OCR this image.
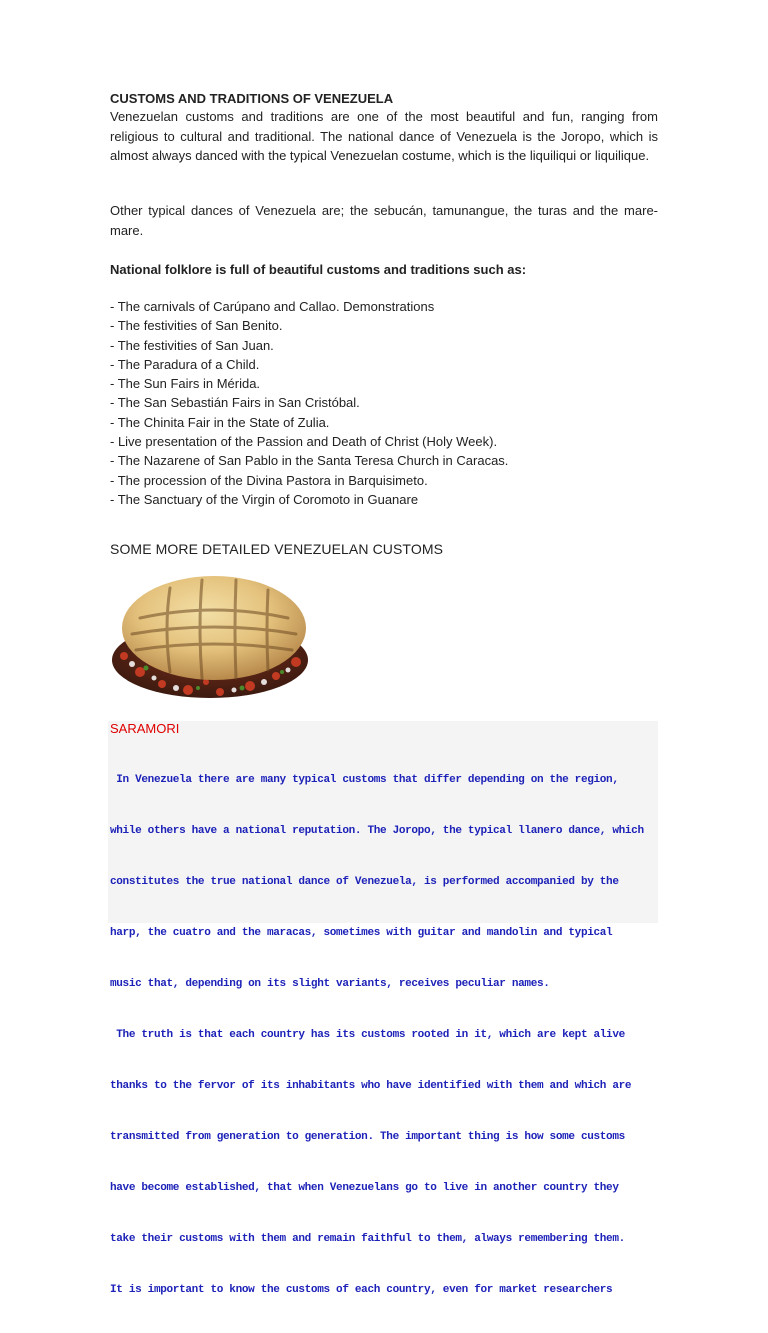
CUSTOMS AND TRADITIONS OF VENEZUELA
Venezuelan customs and traditions are one of the most beautiful and fun, ranging from religious to cultural and traditional. The national dance of Venezuela is the Joropo, which is almost always danced with the typical Venezuelan costume, which is the liquiliqui or liquilique.
Other typical dances of Venezuela are; the sebucán, tamunangue, the turas and the mare-mare.
National folklore is full of beautiful customs and traditions such as:
- The carnivals of Carúpano and Callao. Demonstrations
- The festivities of San Benito.
- The festivities of San Juan.
- The Paradura of a Child.
- The Sun Fairs in Mérida.
- The San Sebastián Fairs in San Cristóbal.
- The Chinita Fair in the State of Zulia.
- Live presentation of the Passion and Death of Christ (Holy Week).
- The Nazarene of San Pablo in the Santa Teresa Church in Caracas.
- The procession of the Divina Pastora in Barquisimeto.
- The Sanctuary of the Virgin of Coromoto in Guanare
SOME MORE DETAILED VENEZUELAN CUSTOMS
SARAMORI

In Venezuela there are many typical customs that differ depending on the region,

while others have a national reputation. The Joropo, the typical llanero dance, which

constitutes the true national dance of Venezuela, is performed accompanied by the

harp, the cuatro and the maracas, sometimes with guitar and mandolin and typical

music that, depending on its slight variants, receives peculiar names.

The truth is that each country has its customs rooted in it, which are kept alive

thanks to the fervor of its inhabitants who have identified with them and which are

transmitted from generation to generation. The important thing is how some customs

have become established, that when Venezuelans go to live in another country they

take their customs with them and remain faithful to them, always remembering them.

It is important to know the customs of each country, even for market researchers
